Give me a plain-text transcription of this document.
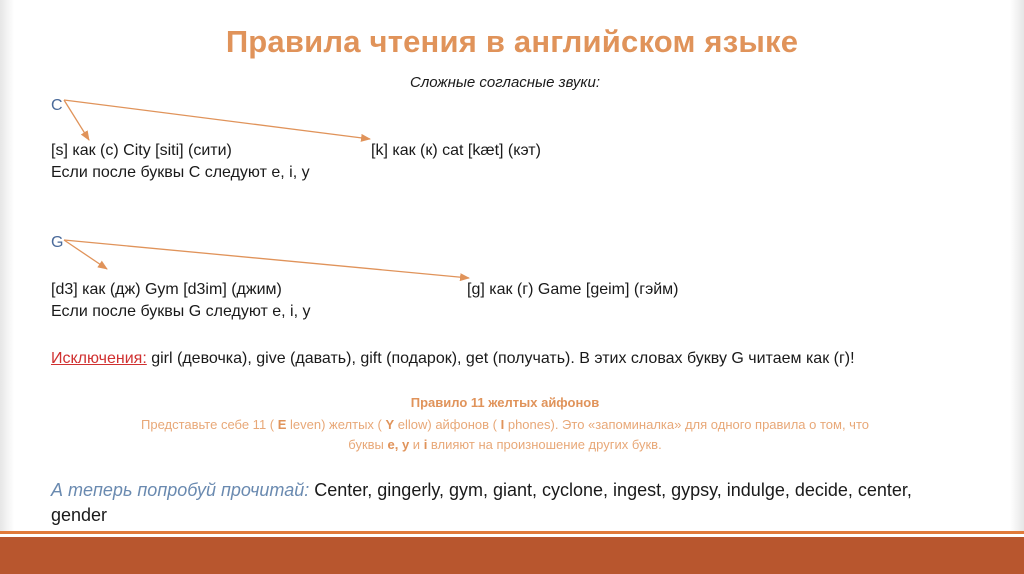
Правила чтения в английском языке
Сложные согласные звуки:
C
[s] как (с) City [siti] (сити)	[k] как (к) cat [kæt] (кэт)
Если после буквы С следуют e, i, y
G
[d3] как (дж) Gym [d3im] (джим)	[g] как (г) Game [geim] (гэйм)
Если после буквы G следуют e, i, y
Исключения: girl (девочка), give (давать), gift (подарок), get (получать). В этих словах букву G читаем как (г)!
Правило 11 желтых айфонов
Представьте себе 11 ( E leven) желтых ( Y ellow) айфонов ( I phones). Это «запоминалка» для одного правила о том, что
буквы e, y и i влияют на произношение других букв.
А теперь попробуй прочитай: Center, gingerly, gym, giant, cyclone, ingest, gypsy, indulge, decide, center, gender
